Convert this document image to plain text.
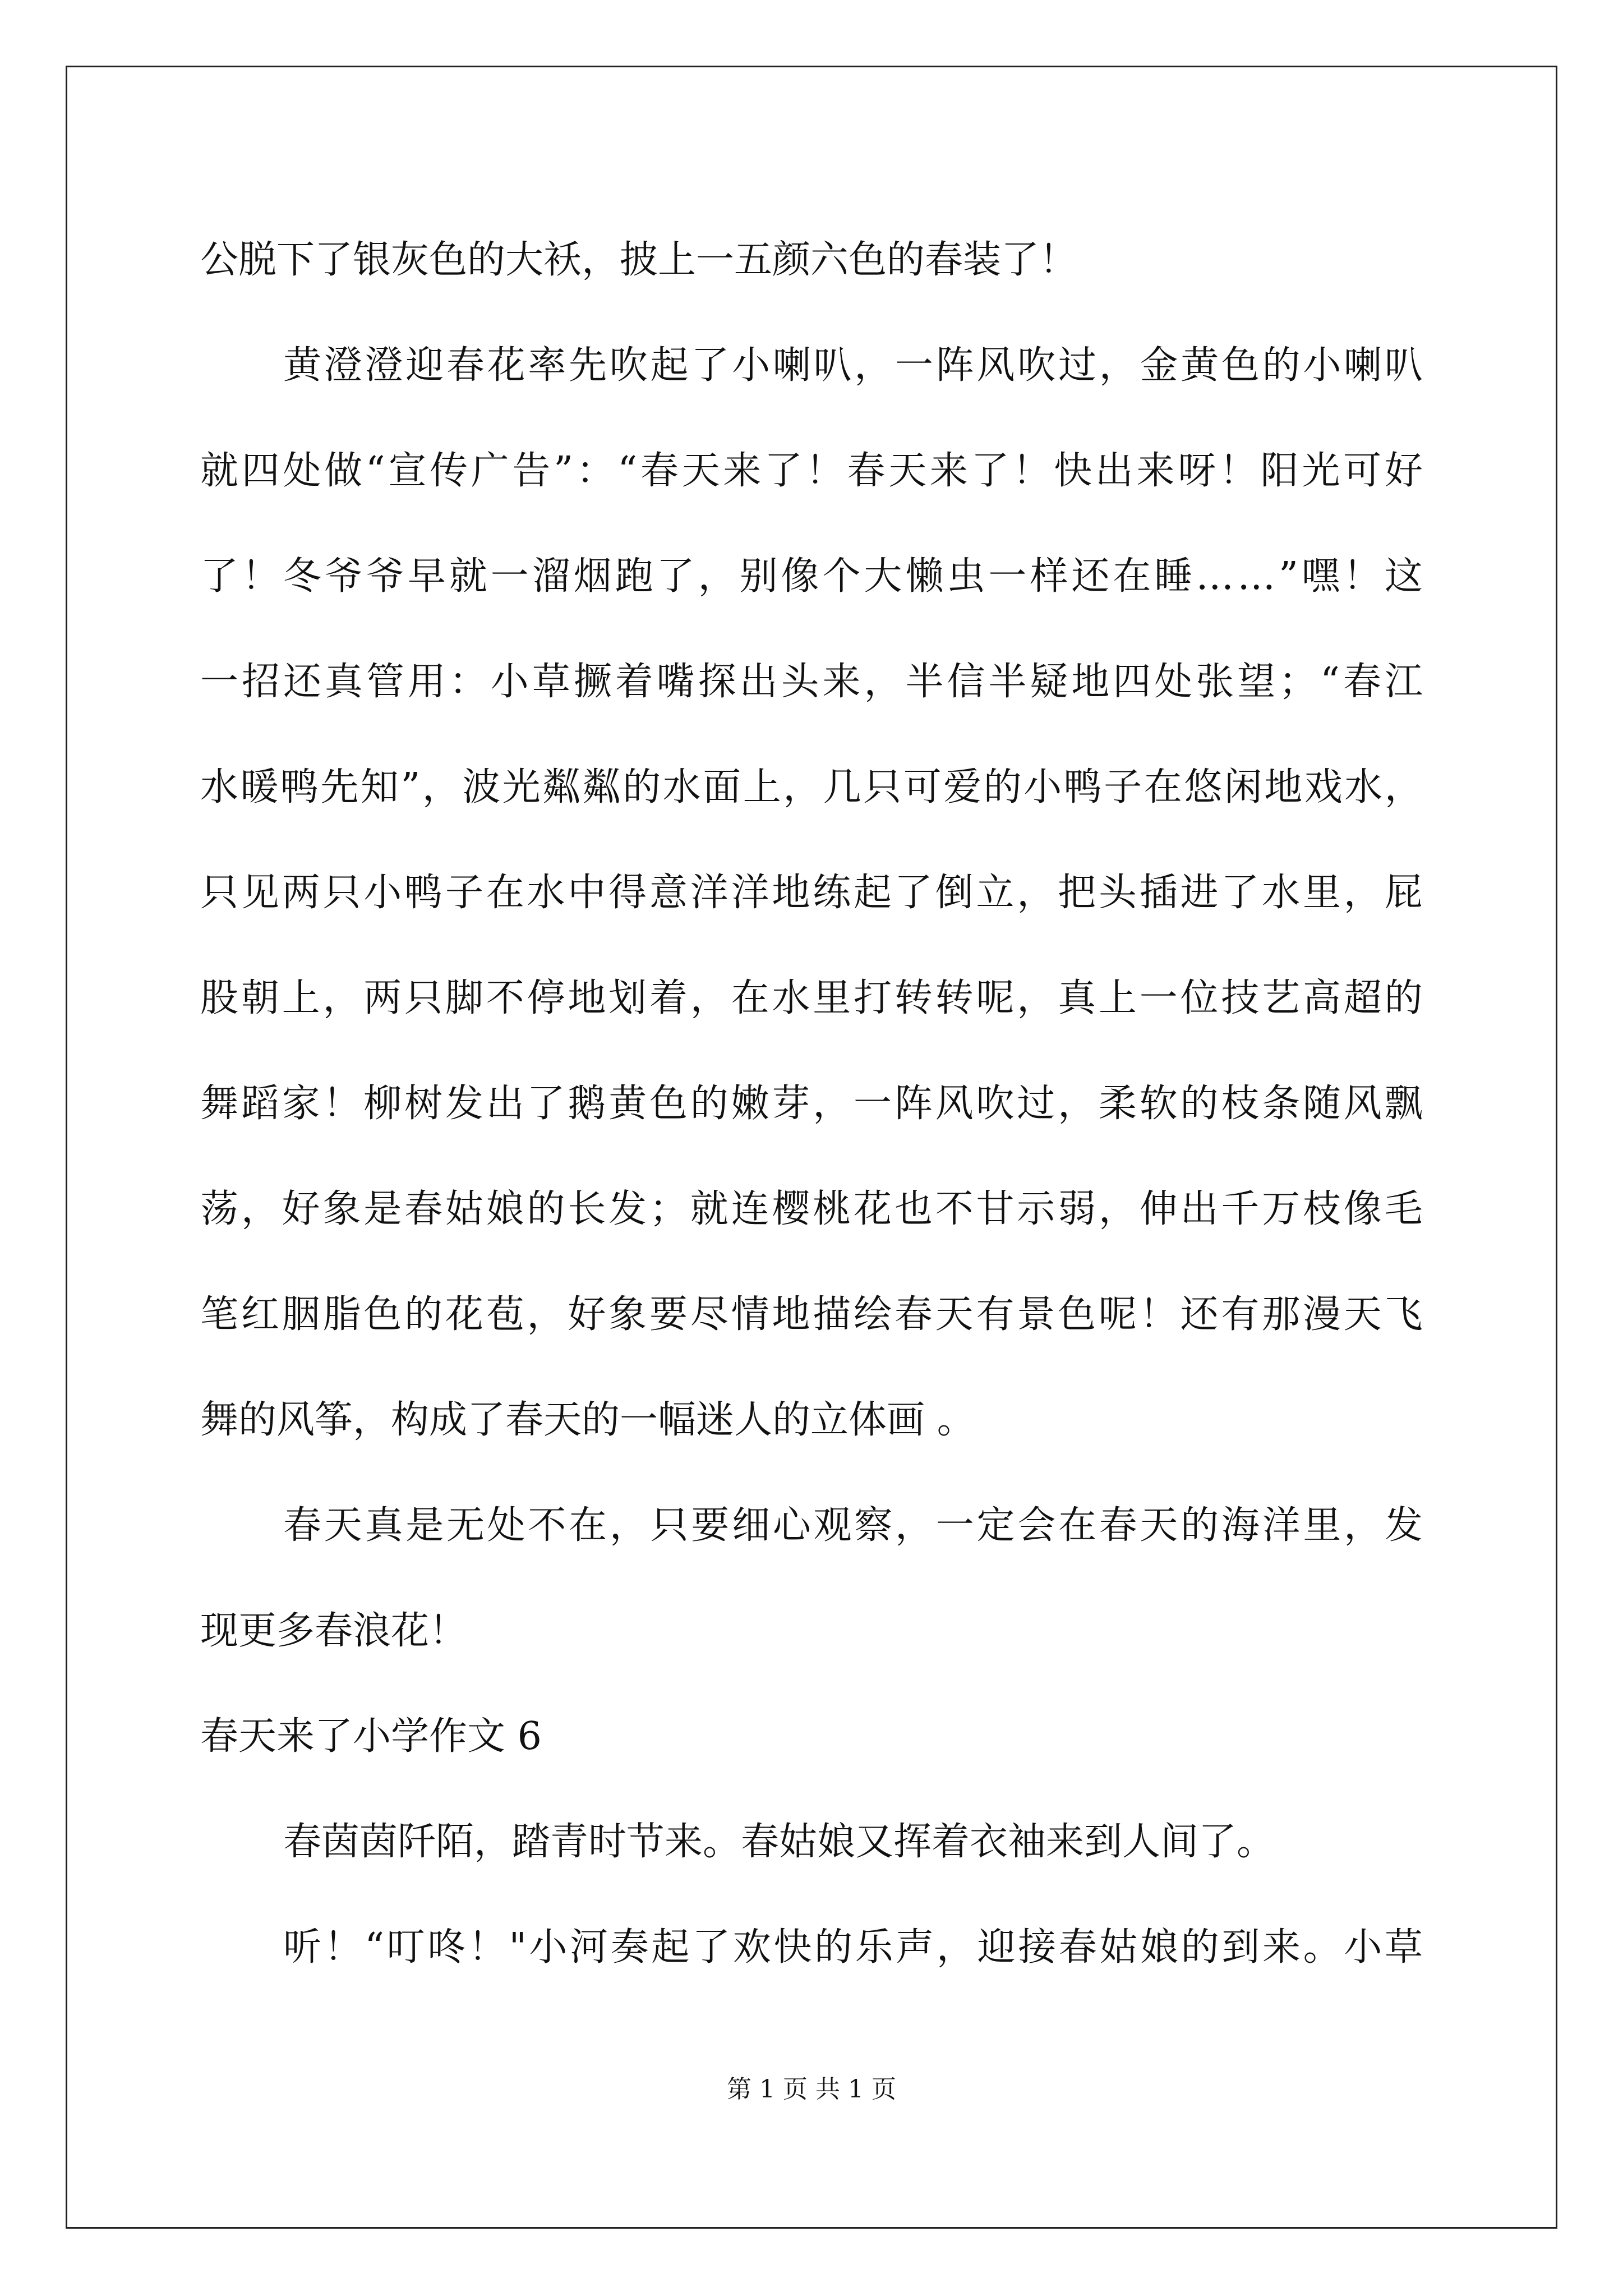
公脱下了银灰色的大袄，披上一五颜六色的春装了！
黄 澄 澄 迎 春 花 率 先 吹 起 了 小 喇 叭 ， 一 阵 风 吹 过 ， 金 黄 色 的 小 喇 叭
就 四 处 做 “ 宣 传 广 告 ” ： “ 春 天 来 了 ！ 春 天 来 了 ！ 快 出 来 呀 ！ 阳 光 可 好
了 ！ 冬 爷 爷 早 就 一 溜 烟 跑 了 ， 别 像 个 大 懒 虫 一 样 还 在 睡 … … ” 嘿 ！ 这
一 招 还 真 管 用 ： 小 草 撅 着 嘴 探 出 头 来 ， 半 信 半 疑 地 四 处 张 望 ； “ 春 江
水 暖 鸭 先 知 ” ， 波 光 粼 粼 的 水 面 上 ， 几 只 可 爱 的 小 鸭 子 在 悠 闲 地 戏 水 ，
只 见 两 只 小 鸭 子 在 水 中 得 意 洋 洋 地 练 起 了 倒 立 ， 把 头 插 进 了 水 里 ， 屁
股 朝 上 ， 两 只 脚 不 停 地 划 着 ， 在 水 里 打 转 转 呢 ， 真 上 一 位 技 艺 高 超 的
舞 蹈 家 ！ 柳 树 发 出 了 鹅 黄 色 的 嫩 芽 ， 一 阵 风 吹 过 ， 柔 软 的 枝 条 随 风 飘
荡 ， 好 象 是 春 姑 娘 的 长 发 ； 就 连 樱 桃 花 也 不 甘 示 弱 ， 伸 出 千 万 枝 像 毛
笔 红 胭 脂 色 的 花 苞 ， 好 象 要 尽 情 地 描 绘 春 天 有 景 色 呢 ！ 还 有 那 漫 天 飞
舞的风筝，构成了春天的一幅迷人的立体画 。
春 天 真 是 无 处 不 在 ， 只 要 细 心 观 察 ， 一 定 会 在 春 天 的 海 洋 里 ， 发
现更多春浪花！
春天来了小学作文 6
春茵茵阡陌，踏青时节来。春姑娘又挥着衣袖来到人间了。
听 ！ “ 叮 咚 ！ " 小 河 奏 起 了 欢 快 的 乐 声 ， 迎 接 春 姑 娘 的 到 来 。 小 草
第 1 页 共 1 页
